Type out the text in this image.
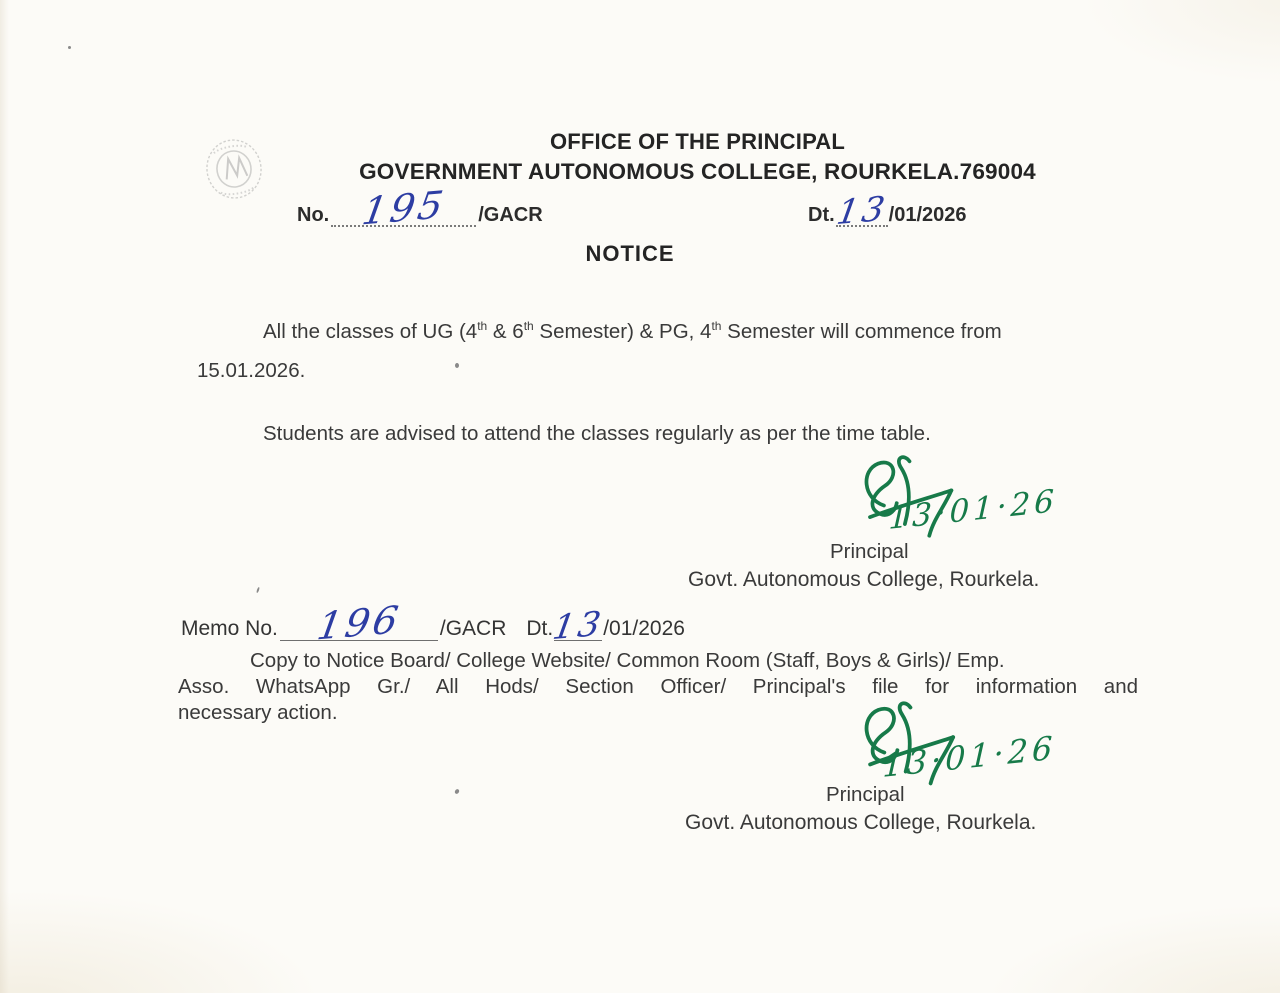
OFFICE OF THE PRINCIPAL
GOVERNMENT AUTONOMOUS COLLEGE, ROURKELA.769004
No. 195 /GACR	Dt.
13
/01/2026
NOTICE
All the classes of UG (4th & 6th Semester) & PG, 4th Semester will commence from
15.01.2026.
Students are advised to attend the classes regularly as per the time table.
13·01·26
Principal
Govt. Autonomous College, Rourkela.
Memo No. 196 /GACR Dt.
13
/01/2026
Copy to Notice Board/ College Website/ Common Room (Staff, Boys & Girls)/ Emp.
Asso. WhatsApp Gr./ All Hods/ Section Officer/ Principal's file for information and
necessary action.
13·01·26
Principal
Govt. Autonomous College, Rourkela.
